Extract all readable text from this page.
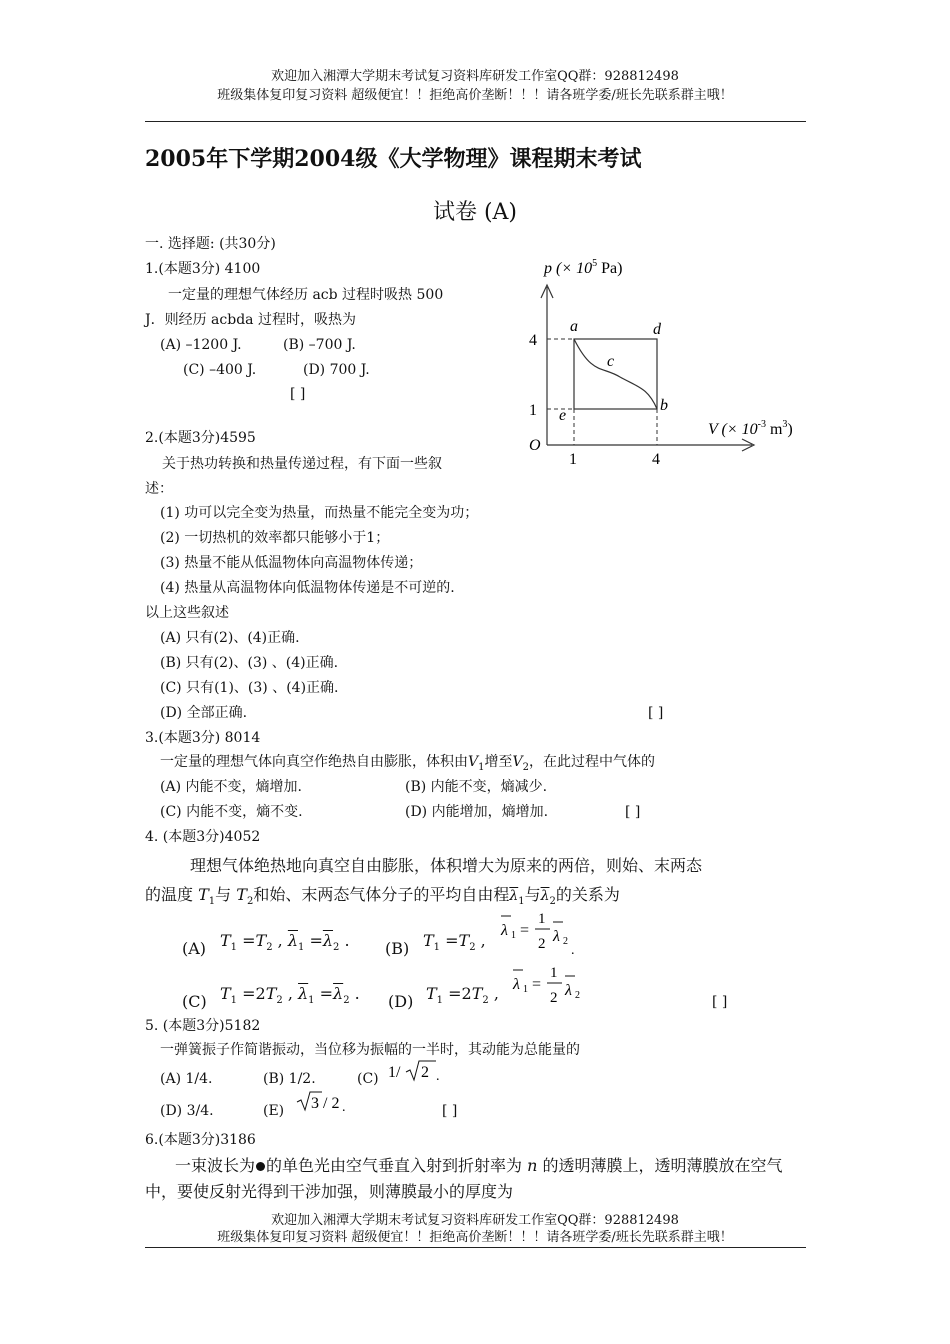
欢迎加入湘潭大学期末考试复习资料库研发工作室QQ群：928812498
班级集体复印复习资料 超级便宜！！拒绝高价垄断！！！请各班学委/班长先联系群主哦！
2005年下学期2004级《大学物理》课程期末考试
试卷 (A)
一. 选择题: (共30分)
1.(本题3分) 4100
一定量的理想气体经历 acb 过程时吸热 500
J．则经历 acbda 过程时，吸热为
(A) –1200 J.	(B) –700 J.
(C) –400 J.	(D) 700 J.
[ ]
p (× $10^5$ Pa)
V (× $10^{-3}$ $m^3$)
4
1
1	4
O
a	d
c
b
e
2.(本题3分)4595
关于热功转换和热量传递过程，有下面一些叙
述：
(1) 功可以完全变为热量，而热量不能完全变为功；
(2) 一切热机的效率都只能够小于1；
(3) 热量不能从低温物体向高温物体传递；
(4) 热量从高温物体向低温物体传递是不可逆的.
以上这些叙述
(A) 只有(2)、(4)正确.
(B) 只有(2)、(3) 、(4)正确.
(C) 只有(1)、(3) 、(4)正确.
(D) 全部正确.	[ ]
3.(本题3分) 8014
一定量的理想气体向真空作绝热自由膨胀，体积由$V_1$增至$V_2$，在此过程中气体的
(A) 内能不变，熵增加.	(B) 内能不变，熵减少.
(C) 内能不变，熵不变.	(D) 内能增加，熵增加.	[ ]
4. (本题3分)4052
理想气体绝热地向真空自由膨胀，体积增大为原来的两倍，则始、末两态
的温度 $T_1$与 $T_2$和始、末两态气体分子的平均自由程$\overline{\lambda}_1$与$\overline{\lambda}_2$的关系为
(A) $T_1 =T_2$ , $\overline{\lambda}_1 =\overline{\lambda}_2$ . (B) $T_1 =T_2$ ,
λ 1 =
1
2 λ 2
.
(C) $T_1 =2T_2$ , $\overline{\lambda}_1 =\overline{\lambda}_2$ . (D) $T_1 =2T_2$ , λ 1 =
1
2 λ 2	[ ]
5. (本题3分)5182
一弹簧振子作简谐振动，当位移为振幅的一半时，其动能为总能量的
(A) 1/4.	(B) 1/2.	(C) 1/ 2 .
(D) 3/4.	(E) 3 / 2 .	[ ]
6.(本题3分)3186
一束波长为 的单色光由空气垂直入射到折射率为 n 的透明薄膜上，透明薄膜放在空气
中，要使反射光得到干涉加强，则薄膜最小的厚度为
欢迎加入湘潭大学期末考试复习资料库研发工作室QQ群：928812498
班级集体复印复习资料 超级便宜！！拒绝高价垄断！！！请各班学委/班长先联系群主哦！
